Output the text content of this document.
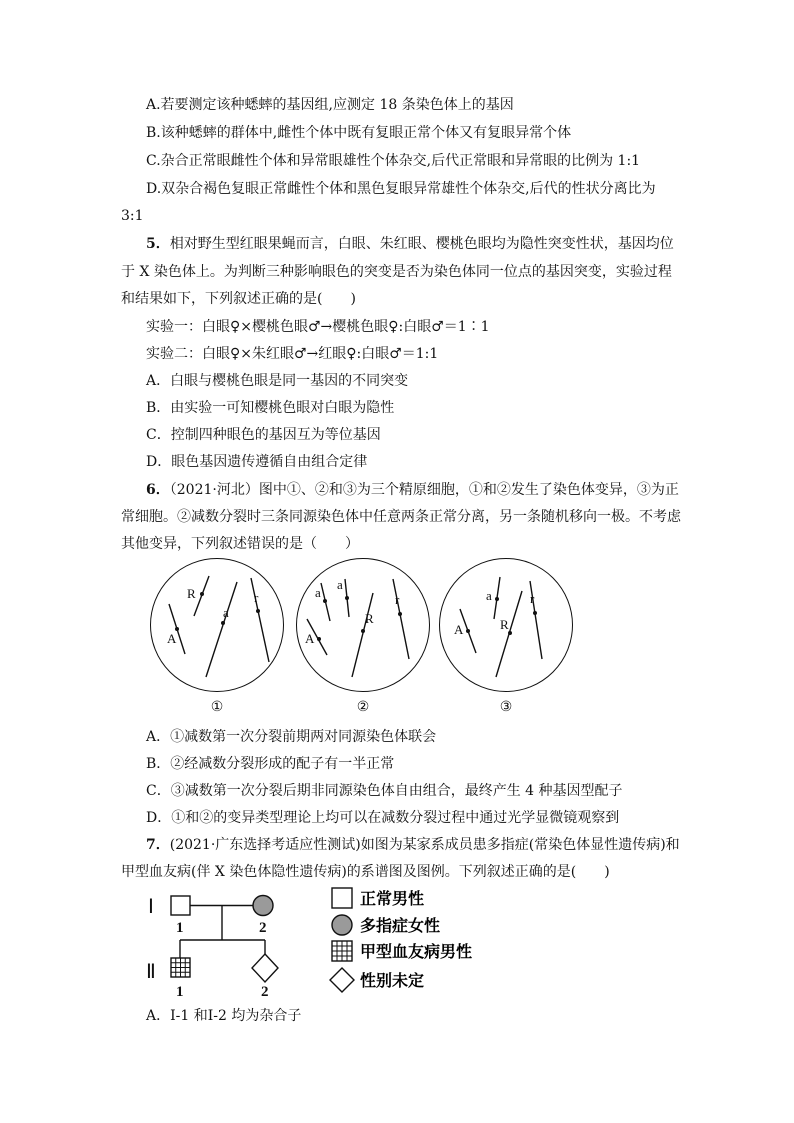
A.若要测定该种蟋蟀的基因组,应测定 18 条染色体上的基因
B.该种蟋蟀的群体中,雌性个体中既有复眼正常个体又有复眼异常个体
C.杂合正常眼雌性个体和异常眼雄性个体杂交,后代正常眼和异常眼的比例为 1:1
D.双杂合褐色复眼正常雌性个体和黑色复眼异常雄性个体杂交,后代的性状分离比为
3:1
5．相对野生型红眼果蝇而言，白眼、朱红眼、樱桃色眼均为隐性突变性状，基因均位
于 X 染色体上。为判断三种影响眼色的突变是否为染色体同一位点的基因突变，实验过程
和结果如下，下列叙述正确的是(　　)
实验一：白眼♀×樱桃色眼♂→樱桃色眼♀:白眼♂＝1∶1
实验二：白眼♀×朱红眼♂→红眼♀:白眼♂＝1:1
A．白眼与樱桃色眼是同一基因的不同突变
B．由实验一可知樱桃色眼对白眼为隐性
C．控制四种眼色的基因互为等位基因
D．眼色基因遗传遵循自由组合定律
6．（2021·河北）图中①、②和③为三个精原细胞，①和②发生了染色体变异，③为正
常细胞。②减数分裂时三条同源染色体中任意两条正常分离，另一条随机移向一极。不考虑
其他变异，下列叙述错误的是（　　）
R
A
a
r
①
a
a
A
R
r
②
a
A	R
r
③
A．①减数第一次分裂前期两对同源染色体联会
B．②经减数分裂形成的配子有一半正常
C．③减数第一次分裂后期非同源染色体自由组合，最终产生 4 种基因型配子
D．①和②的变异类型理论上均可以在减数分裂过程中通过光学显微镜观察到
7．(2021·广东选择考适应性测试)如图为某家系成员患多指症(常染色体显性遗传病)和
甲型血友病(伴 X 染色体隐性遗传病)的系谱图及图例。下列叙述正确的是(　　)
Ⅰ
Ⅱ
1	2
1	2
正常男性
多指症女性
甲型血友病男性
性别未定
A．Ⅰ-1 和Ⅰ-2 均为杂合子
